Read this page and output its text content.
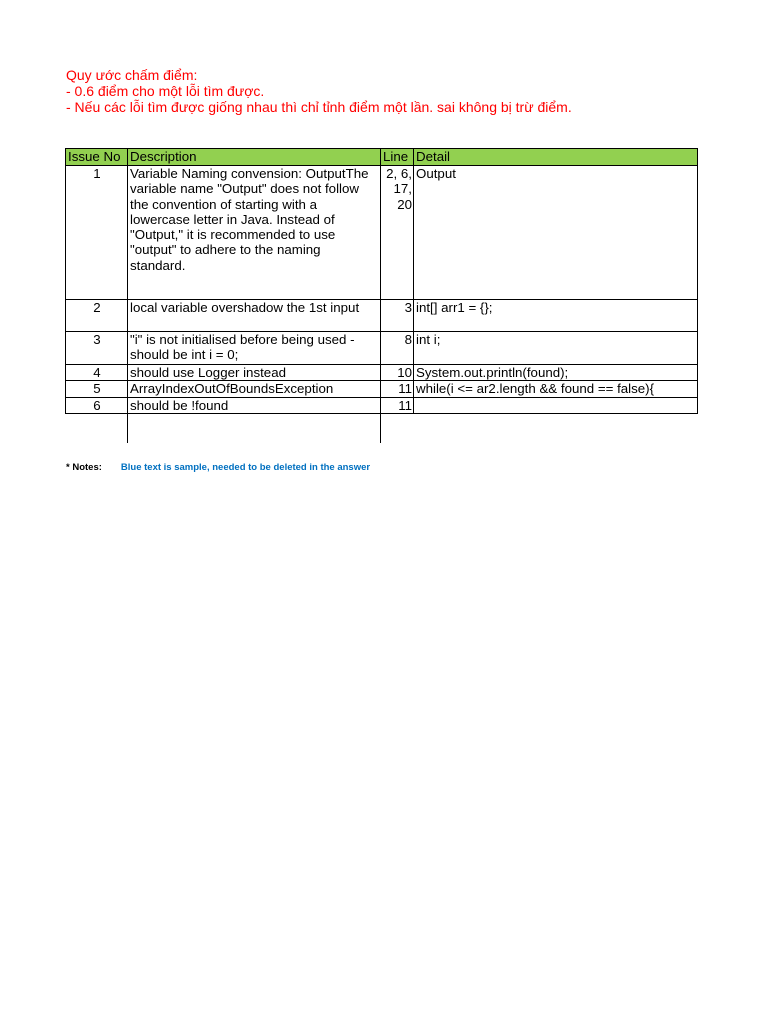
Quy ước chấm điểm:
- 0.6 điểm cho một lỗi tìm được.
- Nếu các lỗi tìm được giống nhau thì chỉ tỉnh điểm một lần. sai không bị trừ điểm.
Issue No	Description	Line	Detail
1	Variable Naming convension: OutputThe variable name "Output" does not follow the convention of starting with a lowercase letter in Java. Instead of "Output," it is recommended to use "output" to adhere to the naming standard.	2, 6, 17, 20	Output
2	local variable overshadow the 1st input	3	int[] arr1 = {};
3	"i" is not initialised before being used - should be int i = 0;	8	int i;
4	should use Logger instead	10	System.out.println(found);
5	ArrayIndexOutOfBoundsException	11	while(i <= ar2.length && found == false){
6	should be !found	11	
* Notes: Blue text is sample, needed to be deleted in the answer
